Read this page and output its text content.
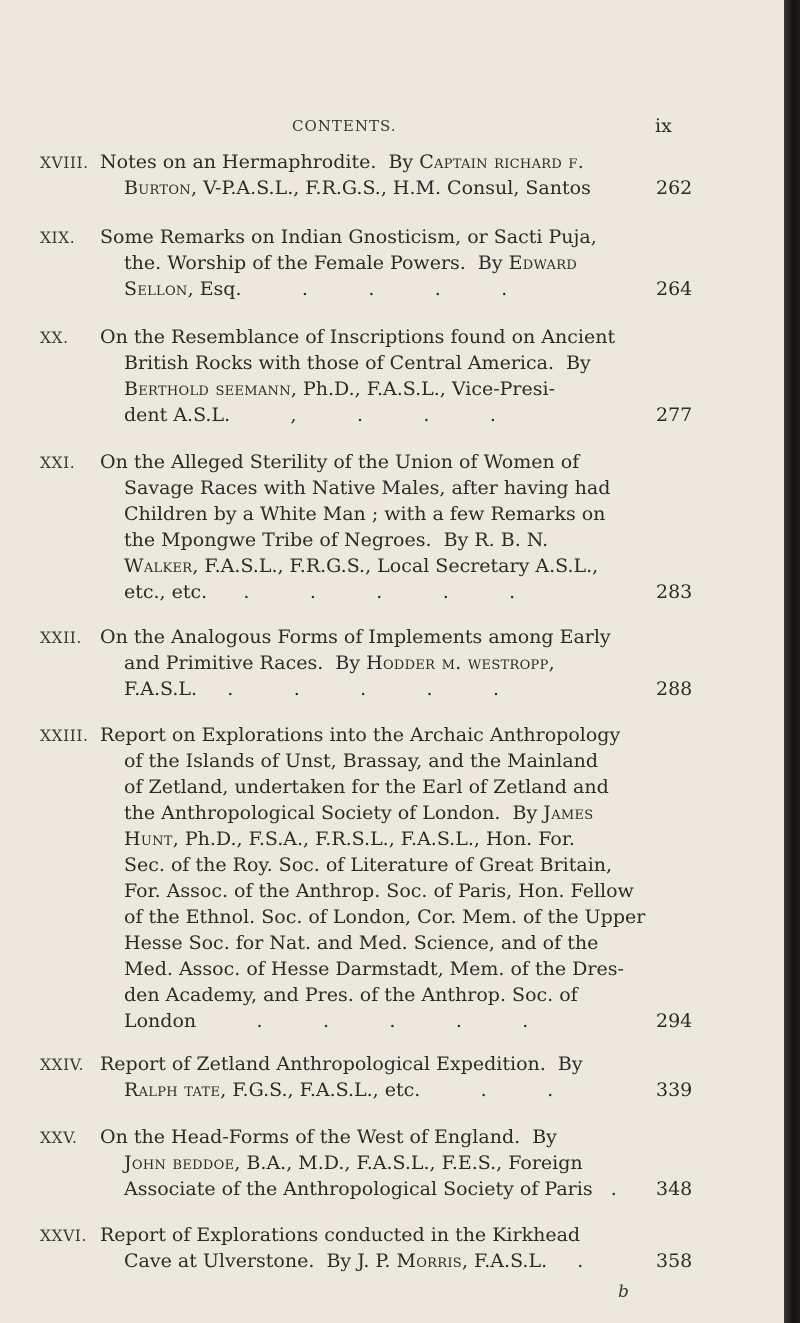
CONTENTS.	ix
XVIII. Notes on an Hermaphrodite.  By Captain richard f.
Burton, V-P.A.S.L., F.R.G.S., H.M. Consul, Santos	262
XIX. Some Remarks on Indian Gnosticism, or Sacti Puja,
the. Worship of the Female Powers.  By Edward
Sellon, Esq.          .          .          .          .	264
XX. On the Resemblance of Inscriptions found on Ancient
British Rocks with those of Central America.  By
Berthold seemann, Ph.D., F.A.S.L., Vice-Presi-
dent A.S.L.          ,          .          .          .	277
XXI. On the Alleged Sterility of the Union of Women of
Savage Races with Native Males, after having had
Children by a White Man ; with a few Remarks on
the Mpongwe Tribe of Negroes.  By R. B. N.
Walker, F.A.S.L., F.R.G.S., Local Secretary A.S.L.,
etc., etc.      .          .          .          .          .	283
XXII. On the Analogous Forms of Implements among Early
and Primitive Races.  By Hodder m. westropp,
F.A.S.L.     .          .          .          .          .	288
XXIII. Report on Explorations into the Archaic Anthropology
of the Islands of Unst, Brassay, and the Mainland
of Zetland, undertaken for the Earl of Zetland and
the Anthropological Society of London.  By James
Hunt, Ph.D., F.S.A., F.R.S.L., F.A.S.L., Hon. For.
Sec. of the Roy. Soc. of Literature of Great Britain,
For. Assoc. of the Anthrop. Soc. of Paris, Hon. Fellow
of the Ethnol. Soc. of London, Cor. Mem. of the Upper
Hesse Soc. for Nat. and Med. Science, and of the
Med. Assoc. of Hesse Darmstadt, Mem. of the Dres-
den Academy, and Pres. of the Anthrop. Soc. of
London          .          .          .          .          .	294
XXIV. Report of Zetland Anthropological Expedition.  By
Ralph tate, F.G.S., F.A.S.L., etc.          .          .	339
XXV. On the Head-Forms of the West of England.  By
John beddoe, B.A., M.D., F.A.S.L., F.E.S., Foreign
Associate of the Anthropological Society of Paris   . 348
XXVI. Report of Explorations conducted in the Kirkhead
Cave at Ulverstone.  By J. P. Morris, F.A.S.L.     .	358
b
